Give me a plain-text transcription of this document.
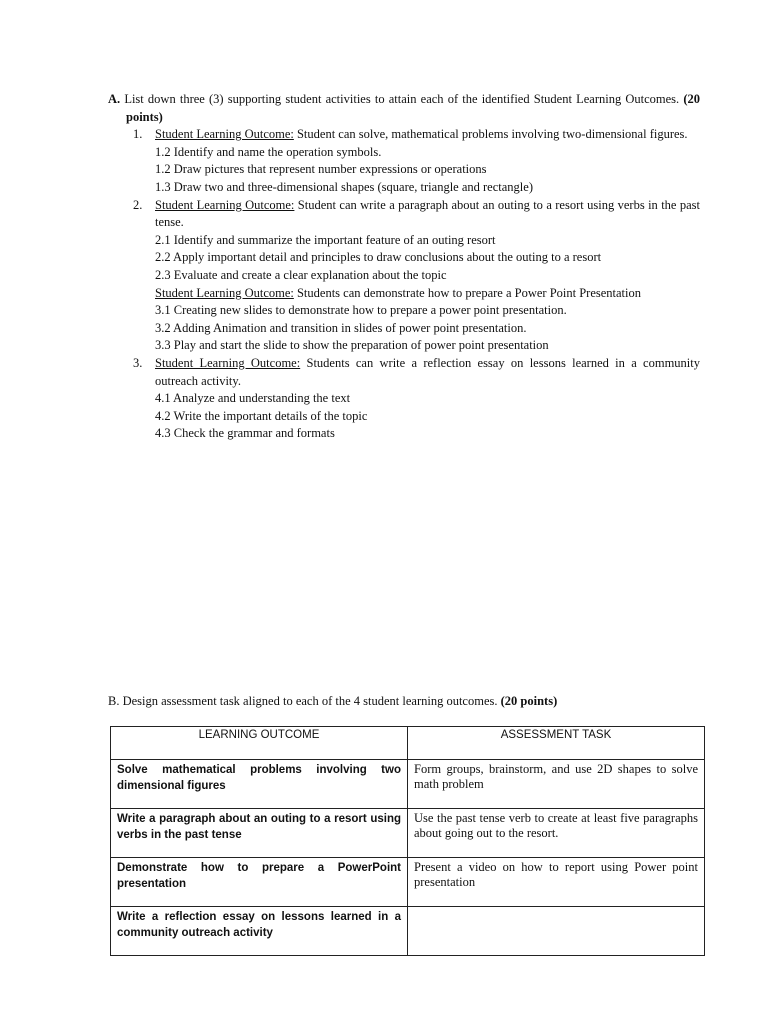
A. List down three (3) supporting student activities to attain each of the identified Student Learning Outcomes. (20 points)
1. Student Learning Outcome: Student can solve, mathematical problems involving two-dimensional figures.
1.2 Identify and name the operation symbols.
1.2 Draw pictures that represent number expressions or operations
1.3 Draw two and three-dimensional shapes (square, triangle and rectangle)
2. Student Learning Outcome: Student can write a paragraph about an outing to a resort using verbs in the past tense.
2.1 Identify and summarize the important feature of an outing resort
2.2 Apply important detail and principles to draw conclusions about the outing to a resort
2.3 Evaluate and create a clear explanation about the topic
Student Learning Outcome: Students can demonstrate how to prepare a Power Point Presentation
3.1 Creating new slides to demonstrate how to prepare a power point presentation.
3.2 Adding Animation and transition in slides of power point presentation.
3.3 Play and start the slide to show the preparation of power point presentation
3. Student Learning Outcome: Students can write a reflection essay on lessons learned in a community outreach activity.
4.1 Analyze and understanding the text
4.2 Write the important details of the topic
4.3 Check the grammar and formats
B. Design assessment task aligned to each of the 4 student learning outcomes. (20 points)
LEARNING OUTCOME	ASSESSMENT TASK
Solve mathematical problems involving two dimensional figures	Form groups, brainstorm, and use 2D shapes to solve math problem
Write a paragraph about an outing to a resort using verbs in the past tense	Use the past tense verb to create at least five paragraphs about going out to the resort.
Demonstrate how to prepare a PowerPoint presentation	Present a video on how to report using Power point presentation
Write a reflection essay on lessons learned in a community outreach activity	
